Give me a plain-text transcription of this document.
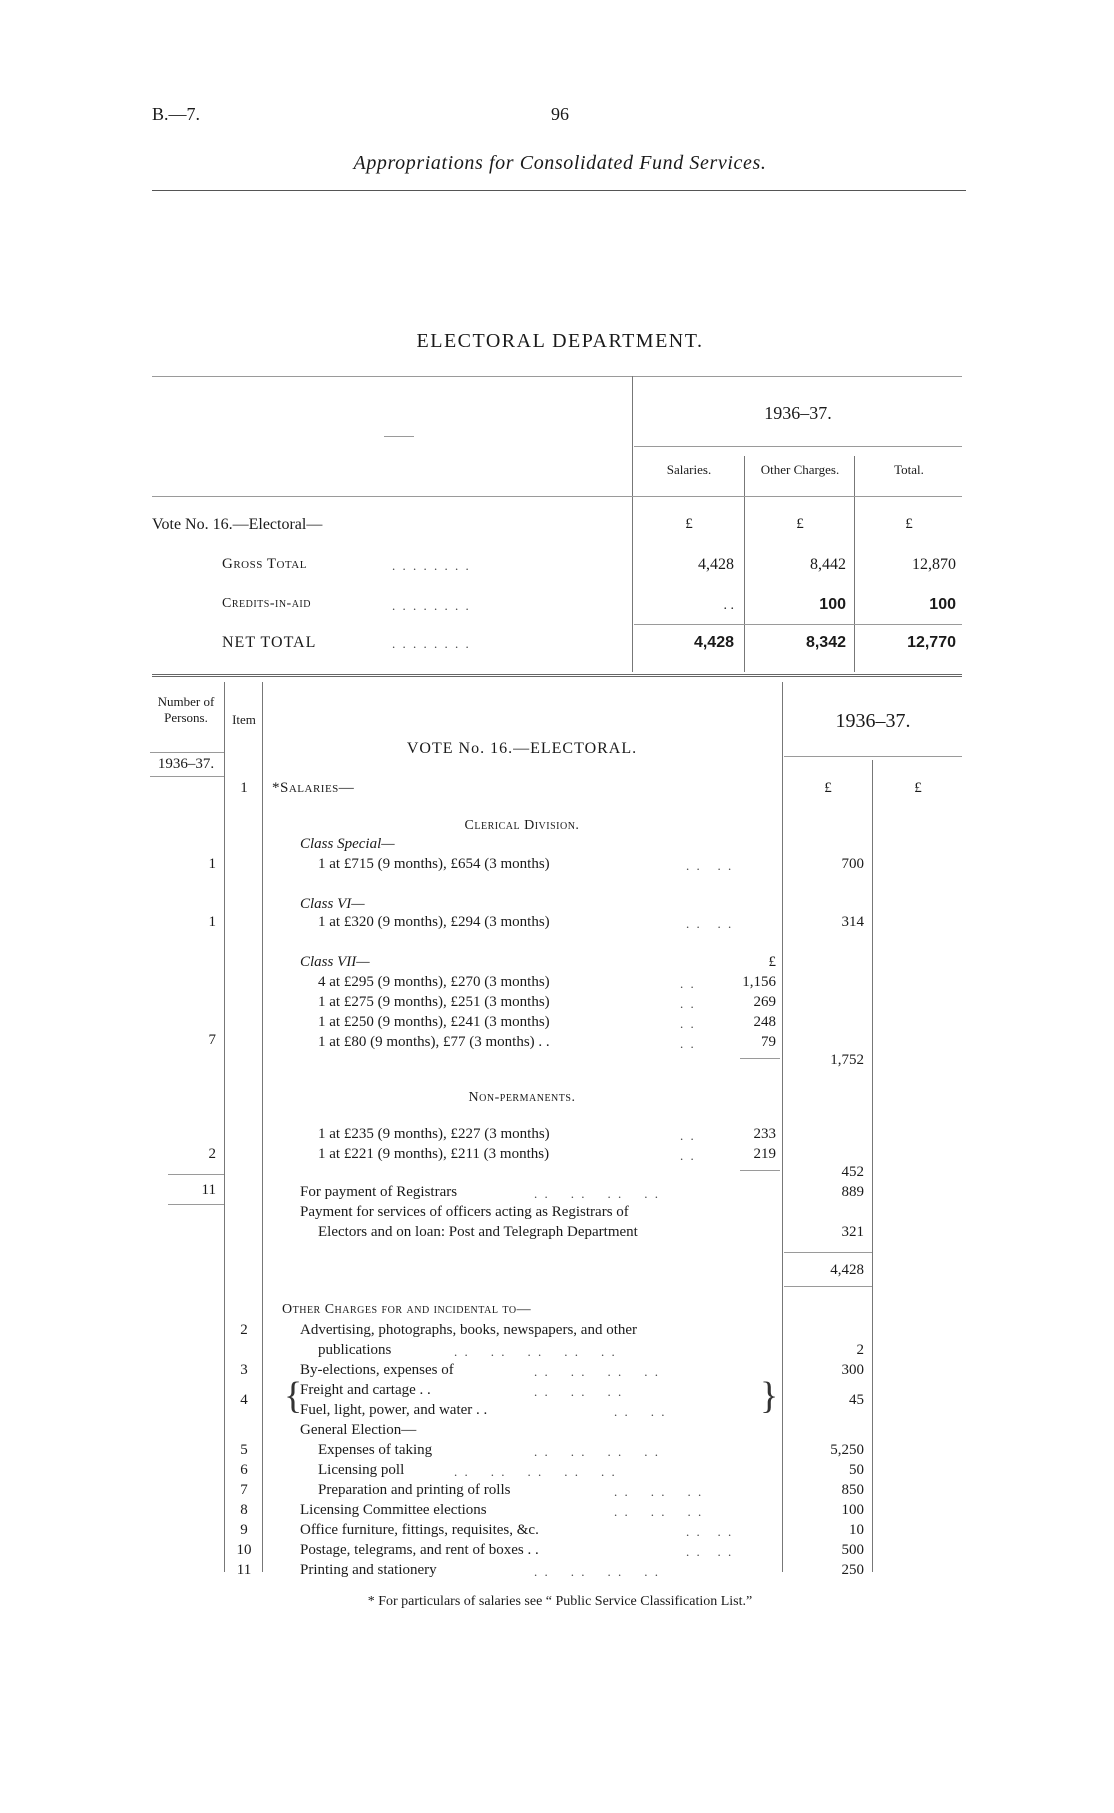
B.—7.	96
Appropriations for Consolidated Fund Services.
ELECTORAL DEPARTMENT.
1936–37.
Salaries.	Other Charges.	Total.
Vote No. 16.—Electoral—	£	£	£
Gross Total	. . . . . . . .	4,428	8,442	12,870
Credits-in-aid	. . . . . . . .	. .	100	100
NET TOTAL	. . . . . . . .	4,428	8,342	12,770
Number of Persons.	Item	1936–37.
VOTE No. 16.—ELECTORAL.
1936–37.
1	*Salaries—	£	£
Clerical Division.
Class Special—
1	1 at £715 (9 months), £654 (3 months)	. .   . .	700
Class VI—
1	1 at £320 (9 months), £294 (3 months)	. .   . .	314
Class VII—	£
4 at £295 (9 months), £270 (3 months)	. .	1,156
1 at £275 (9 months), £251 (3 months)	. .	269
1 at £250 (9 months), £241 (3 months)	. .	248
7	1 at £80 (9 months), £77 (3 months) . .	. .	79
1,752
Non-permanents.
1 at £235 (9 months), £227 (3 months)	. .	233
2	1 at £221 (9 months), £211 (3 months)	. .	219
452
11	For payment of Registrars	. .    . .    . .    . .	889
Payment for services of officers acting as Registrars of
Electors and on loan: Post and Telegraph Department	321
4,428
Other Charges for and incidental to—
2	Advertising, photographs, books, newspapers, and other
publications	. .    . .    . .    . .    . .	2
3	By-elections, expenses of	. .    . .    . .    . .	300
4 {
Freight and cartage . .	. .    . .    . .
Fuel, light, power, and water . .	. .    . . }	45
General Election—
5	Expenses of taking	. .    . .    . .    . .	5,250
6	Licensing poll	. .    . .    . .    . .    . .	50
7	Preparation and printing of rolls	. .    . .    . .	850
8	Licensing Committee elections	. .    . .    . .	100
9	Office furniture, fittings, requisites, &c.	. .   . .	10
10	Postage, telegrams, and rent of boxes . .	. .   . .	500
11	Printing and stationery	. .    . .    . .    . .	250
* For particulars of salaries see “ Public Service Classification List.”
